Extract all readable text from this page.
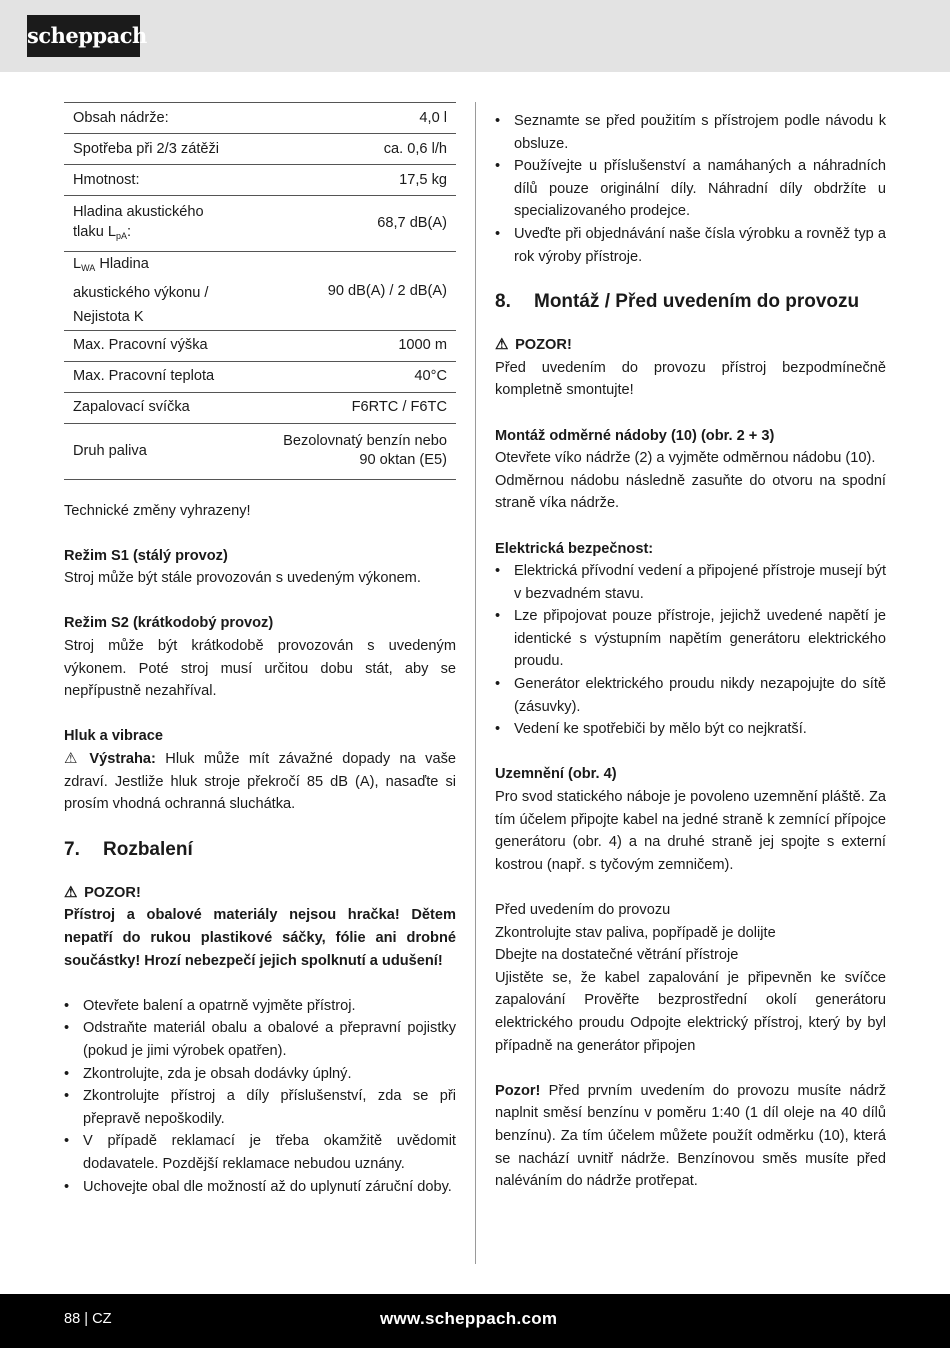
scheppach
Obsah nádrže:	4,0 l
Spotřeba při 2/3 zátěži	ca. 0,6 l/h
Hmotnost:	17,5 kg
Hladina akustického
tlaku $L_{pA}$:	68,7 dB(A)
$L_{WA}$ Hladina
akustického výkonu /
Nejistota K	90 dB(A) / 2 dB(A)
Max. Pracovní výška	1000 m
Max. Pracovní teplota	40°C
Zapalovací svíčka	F6RTC / F6TC
Druh paliva	Bezolovnatý benzín nebo
90 oktan (E5)

Technické změny vyhrazeny!

Režim S1 (stálý provoz)

Stroj může být stále provozován s uvedeným výkonem.

Režim S2 (krátkodobý provoz)

Stroj může být krátkodobě provozován s uvedeným výkonem. Poté stroj musí určitou dobu stát, aby se nepřípustně nezahříval.

Hluk a vibrace

⚠ Výstraha: Hluk může mít závažné dopady na vaše zdraví. Jestliže hluk stroje překročí 85 dB (A), nasaďte si prosím vhodná ochranná sluchátka.

7.	Rozbalení

⚠ POZOR!

Přístroj a obalové materiály nejsou hračka! Dětem nepatří do rukou plastikové sáčky, fólie ani drobné součástky! Hrozí nebezpečí jejich spolknutí a udušení!

• Otevřete balení a opatrně vyjměte přístroj.
• Odstraňte materiál obalu a obalové a přepravní pojistky (pokud je jimi výrobek opatřen).
• Zkontrolujte, zda je obsah dodávky úplný.
• Zkontrolujte přístroj a díly příslušenství, zda se při přepravě nepoškodily.
• V případě reklamací je třeba okamžitě uvědomit dodavatele. Pozdější reklamace nebudou uznány.
• Uchovejte obal dle možností až do uplynutí záruční doby.
• Seznamte se před použitím s přístrojem podle návodu k obsluze.
• Používejte u příslušenství a namáhaných a náhradních dílů pouze originální díly. Náhradní díly obdržíte u specializovaného prodejce.
• Uveďte při objednávání naše čísla výrobku a rovněž typ a rok výroby přístroje.
8.	Montáž / Před uvedením do provozu

⚠ POZOR!

Před uvedením do provozu přístroj bezpodmínečně kompletně smontujte!

Montáž odměrné nádoby (10) (obr. 2 + 3)

Otevřete víko nádrže (2) a vyjměte odměrnou nádobu (10).

Odměrnou nádobu následně zasuňte do otvoru na spodní straně víka nádrže.

Elektrická bezpečnost:

• Elektrická přívodní vedení a připojené přístroje musejí být v bezvadném stavu.
• Lze připojovat pouze přístroje, jejichž uvedené napětí je identické s výstupním napětím generátoru elektrického proudu.
• Generátor elektrického proudu nikdy nezapojujte do sítě (zásuvky).
• Vedení ke spotřebiči by mělo být co nejkratší.

Uzemnění (obr. 4)

Pro svod statického náboje je povoleno uzemnění pláště. Za tím účelem připojte kabel na jedné straně k zemnící přípojce generátoru (obr. 4) a na druhé straně jej spojte s externí kostrou (např. s tyčovým zemničem).

Před uvedením do provozu

Zkontrolujte stav paliva, popřípadě je dolijte

Dbejte na dostatečné větrání přístroje

Ujistěte se, že kabel zapalování je připevněn ke svíčce zapalování Prověřte bezprostřední okolí generátoru elektrického proudu Odpojte elektrický přístroj, který by byl případně na generátor připojen

Pozor! Před prvním uvedením do provozu musíte nádrž naplnit směsí benzínu v poměru 1:40 (1 díl oleje na 40 dílů benzínu). Za tím účelem můžete použít odměrku (10), která se nachází uvnitř nádrže. Benzínovou směs musíte před naléváním do nádrže protřepat.

88 | CZ	www.scheppach.com
